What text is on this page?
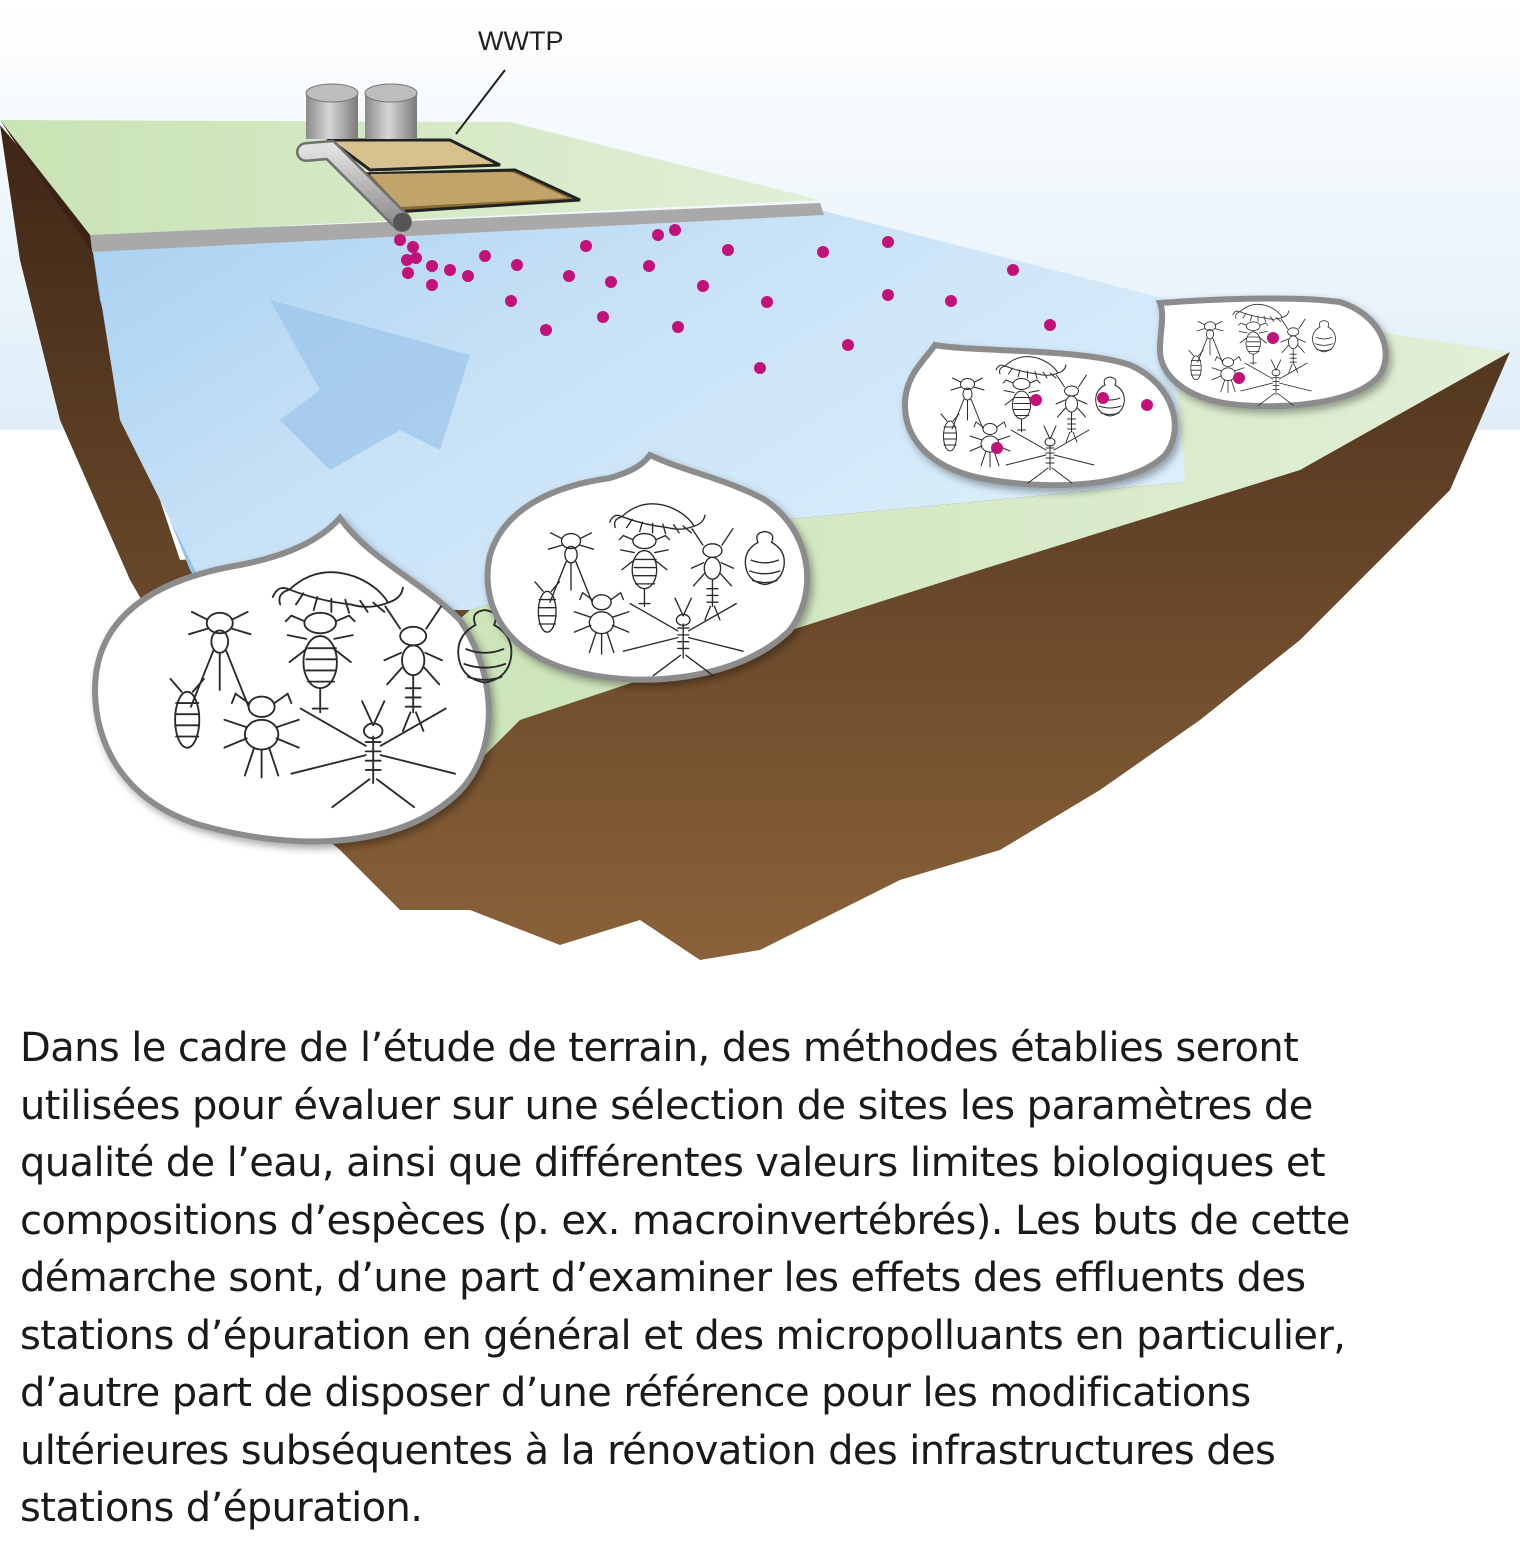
WWTP
Dans le cadre de l’étude de terrain, des méthodes établies seront
utilisées pour évaluer sur une sélection de sites les paramètres de
qualité de l’eau, ainsi que différentes valeurs limites biologiques et
compositions d’espèces (p. ex. macroinvertébrés). Les buts de cette
démarche sont, d’une part d’examiner les effets des effluents des
stations d’épuration en général et des micropolluants en particulier,
d’autre part de disposer d’une référence pour les modifications
ultérieures subséquentes à la rénovation des infrastructures des
stations d’épuration.
